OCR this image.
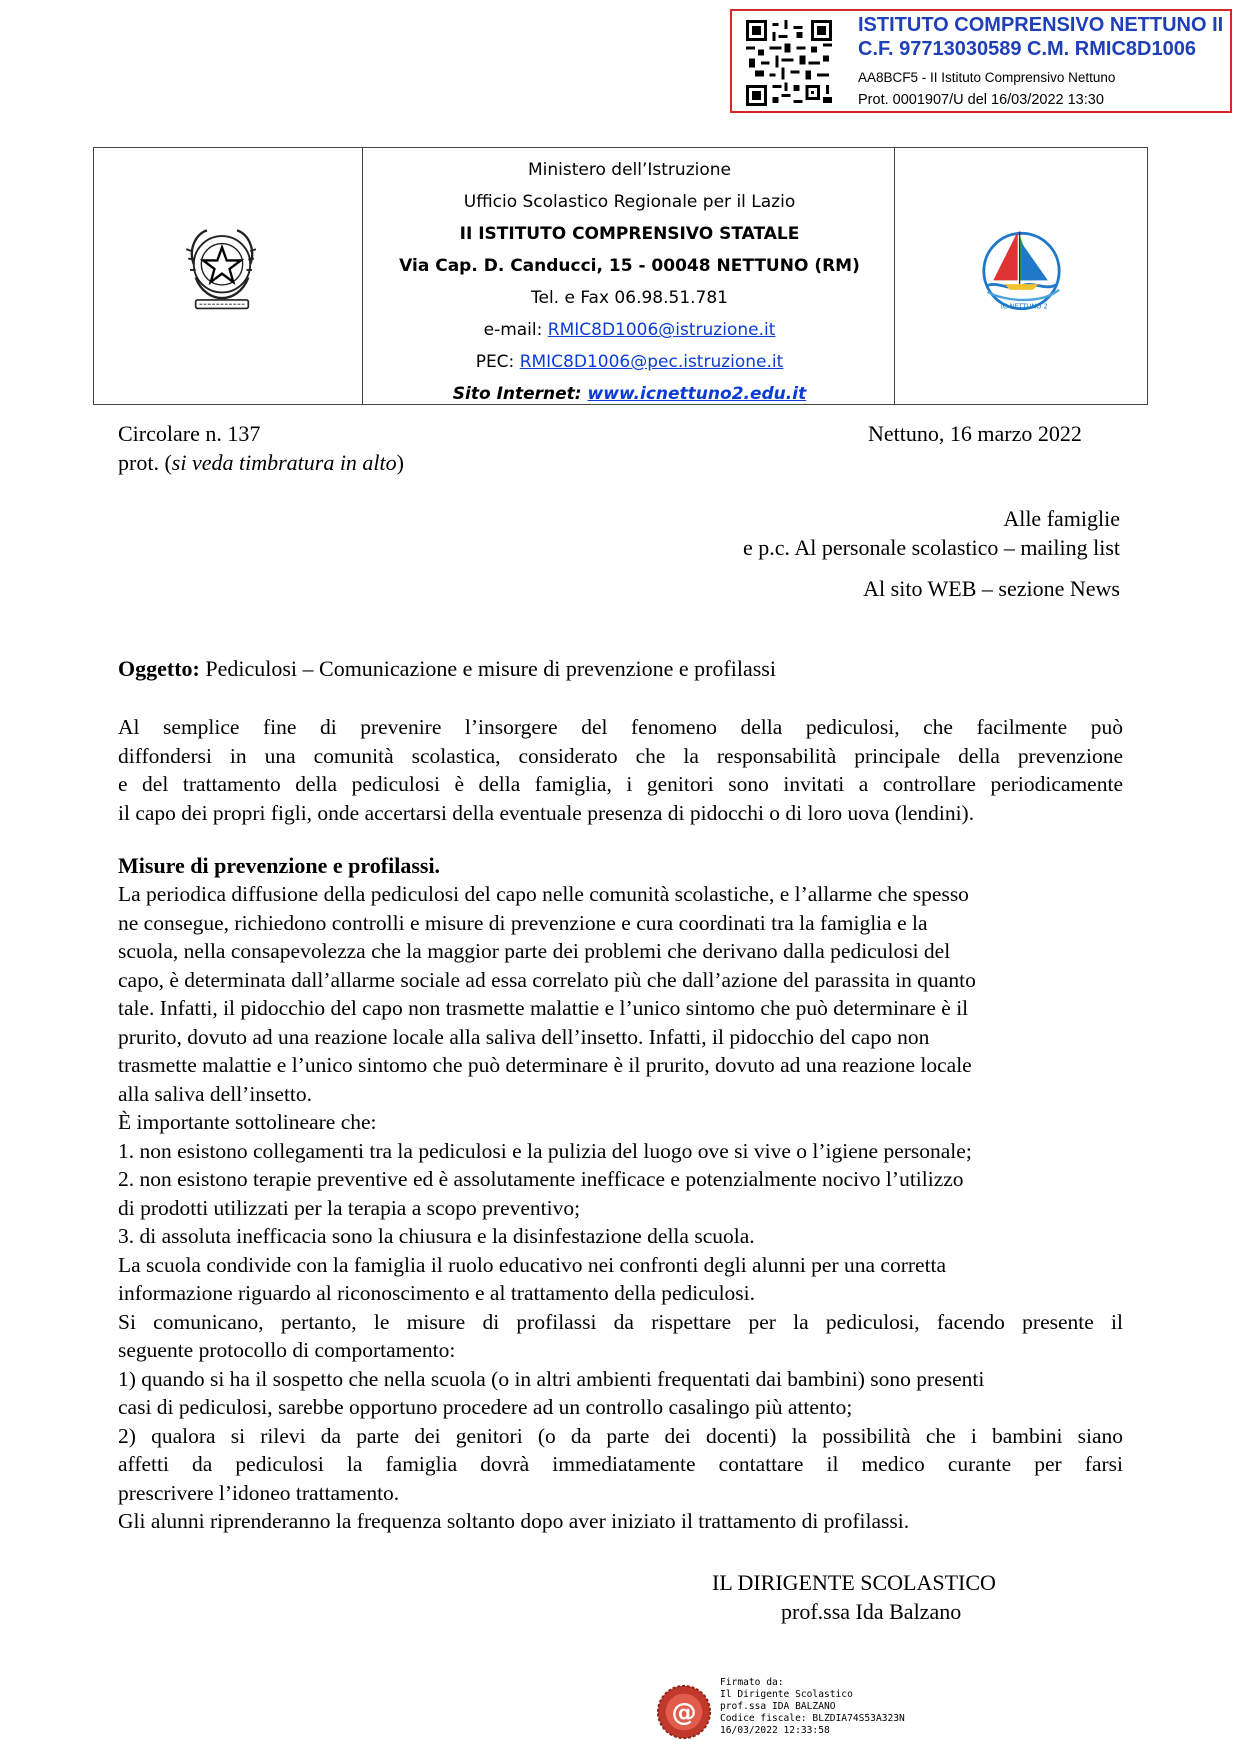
ISTITUTO COMPRENSIVO NETTUNO II
C.F. 97713030589 C.M. RMIC8D1006
AA8BCF5 - II Istituto Comprensivo Nettuno
Prot. 0001907/U del 16/03/2022 13:30
Ministero dell’Istruzione
Ufficio Scolastico Regionale per il Lazio
II ISTITUTO COMPRENSIVO STATALE
Via Cap. D. Canducci, 15 - 00048 NETTUNO (RM)
Tel. e Fax 06.98.51.781
e-mail: RMIC8D1006@istruzione.it
PEC: RMIC8D1006@pec.istruzione.it
Sito Internet: www.icnettuno2.edu.it
IC NETTUNO 2
Circolare n. 137	Nettuno, 16 marzo 2022
prot. (si veda timbratura in alto)
Alle famiglie
e p.c. Al personale scolastico – mailing list
Al sito WEB – sezione News
Oggetto: Pediculosi – Comunicazione e misure di prevenzione e profilassi
Al semplice fine di prevenire l’insorgere del fenomeno della pediculosi, che facilmente può
diffondersi in una comunità scolastica, considerato che la responsabilità principale della prevenzione
e del trattamento della pediculosi è della famiglia, i genitori sono invitati a controllare periodicamente
il capo dei propri figli, onde accertarsi della eventuale presenza di pidocchi o di loro uova (lendini).
Misure di prevenzione e profilassi.
La periodica diffusione della pediculosi del capo nelle comunità scolastiche, e l’allarme che spesso
ne consegue, richiedono controlli e misure di prevenzione e cura coordinati tra la famiglia e la
scuola, nella consapevolezza che la maggior parte dei problemi che derivano dalla pediculosi del
capo, è determinata dall’allarme sociale ad essa correlato più che dall’azione del parassita in quanto
tale. Infatti, il pidocchio del capo non trasmette malattie e l’unico sintomo che può determinare è il
prurito, dovuto ad una reazione locale alla saliva dell’insetto. Infatti, il pidocchio del capo non
trasmette malattie e l’unico sintomo che può determinare è il prurito, dovuto ad una reazione locale
alla saliva dell’insetto.
È importante sottolineare che:
1. non esistono collegamenti tra la pediculosi e la pulizia del luogo ove si vive o l’igiene personale;
2. non esistono terapie preventive ed è assolutamente inefficace e potenzialmente nocivo l’utilizzo
di prodotti utilizzati per la terapia a scopo preventivo;
3. di assoluta inefficacia sono la chiusura e la disinfestazione della scuola.
La scuola condivide con la famiglia il ruolo educativo nei confronti degli alunni per una corretta
informazione riguardo al riconoscimento e al trattamento della pediculosi.
Si comunicano, pertanto, le misure di profilassi da rispettare per la pediculosi, facendo presente il
seguente protocollo di comportamento:
1) quando si ha il sospetto che nella scuola (o in altri ambienti frequentati dai bambini) sono presenti
casi di pediculosi, sarebbe opportuno procedere ad un controllo casalingo più attento;
2) qualora si rilevi da parte dei genitori (o da parte dei docenti) la possibilità che i bambini siano
affetti da pediculosi la famiglia dovrà immediatamente contattare il medico curante per farsi
prescrivere l’idoneo trattamento.
Gli alunni riprenderanno la frequenza soltanto dopo aver iniziato il trattamento di profilassi.
IL DIRIGENTE SCOLASTICO
prof.ssa Ida Balzano
@
Firmato da:
Il Dirigente Scolastico
prof.ssa IDA BALZANO
Codice fiscale: BLZDIA74S53A323N
16/03/2022 12:33:58
